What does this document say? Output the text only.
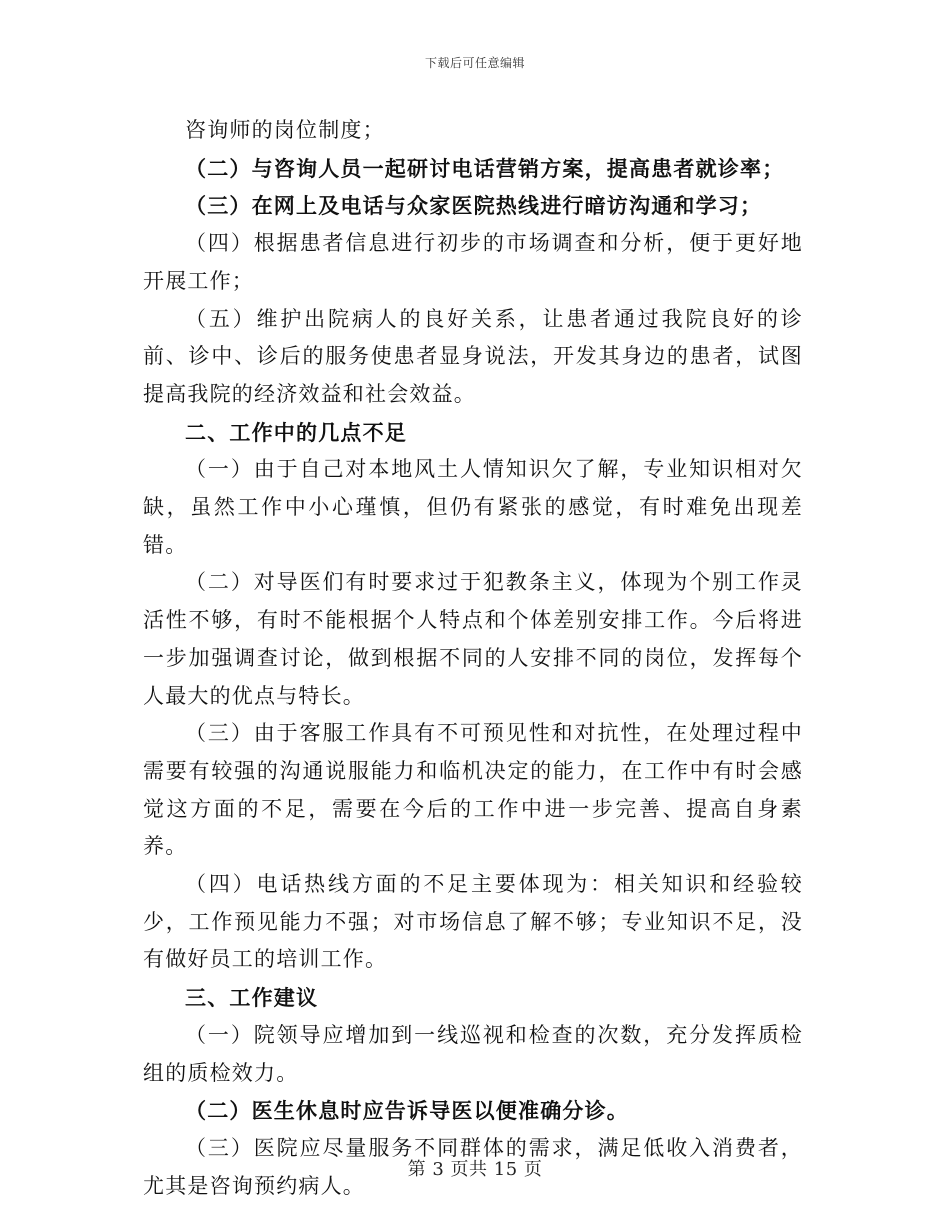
下载后可任意编辑

咨询师的岗位制度；

（二）与咨询人员一起研讨电话营销方案，提高患者就诊率；

（三）在网上及电话与众家医院热线进行暗访沟通和学习；

（四）根据患者信息进行初步的市场调查和分析，便于更好地开展工作；

（五）维护出院病人的良好关系，让患者通过我院良好的诊前、诊中、诊后的服务使患者显身说法，开发其身边的患者，试图提高我院的经济效益和社会效益。

二、工作中的几点不足

（一）由于自己对本地风土人情知识欠了解，专业知识相对欠缺，虽然工作中小心瑾慎，但仍有紧张的感觉，有时难免出现差错。

（二）对导医们有时要求过于犯教条主义，体现为个别工作灵活性不够，有时不能根据个人特点和个体差别安排工作。今后将进一步加强调查讨论，做到根据不同的人安排不同的岗位，发挥每个人最大的优点与特长。

（三）由于客服工作具有不可预见性和对抗性，在处理过程中需要有较强的沟通说服能力和临机决定的能力，在工作中有时会感觉这方面的不足，需要在今后的工作中进一步完善、提高自身素养。

（四）电话热线方面的不足主要体现为：相关知识和经验较少，工作预见能力不强；对市场信息了解不够；专业知识不足，没有做好员工的培训工作。

三、工作建议

（一）院领导应增加到一线巡视和检查的次数，充分发挥质检组的质检效力。

（二）医生休息时应告诉导医以便准确分诊。

（三）医院应尽量服务不同群体的需求，满足低收入消费者，尤其是咨询预约病人。

第 3 页共 15 页
